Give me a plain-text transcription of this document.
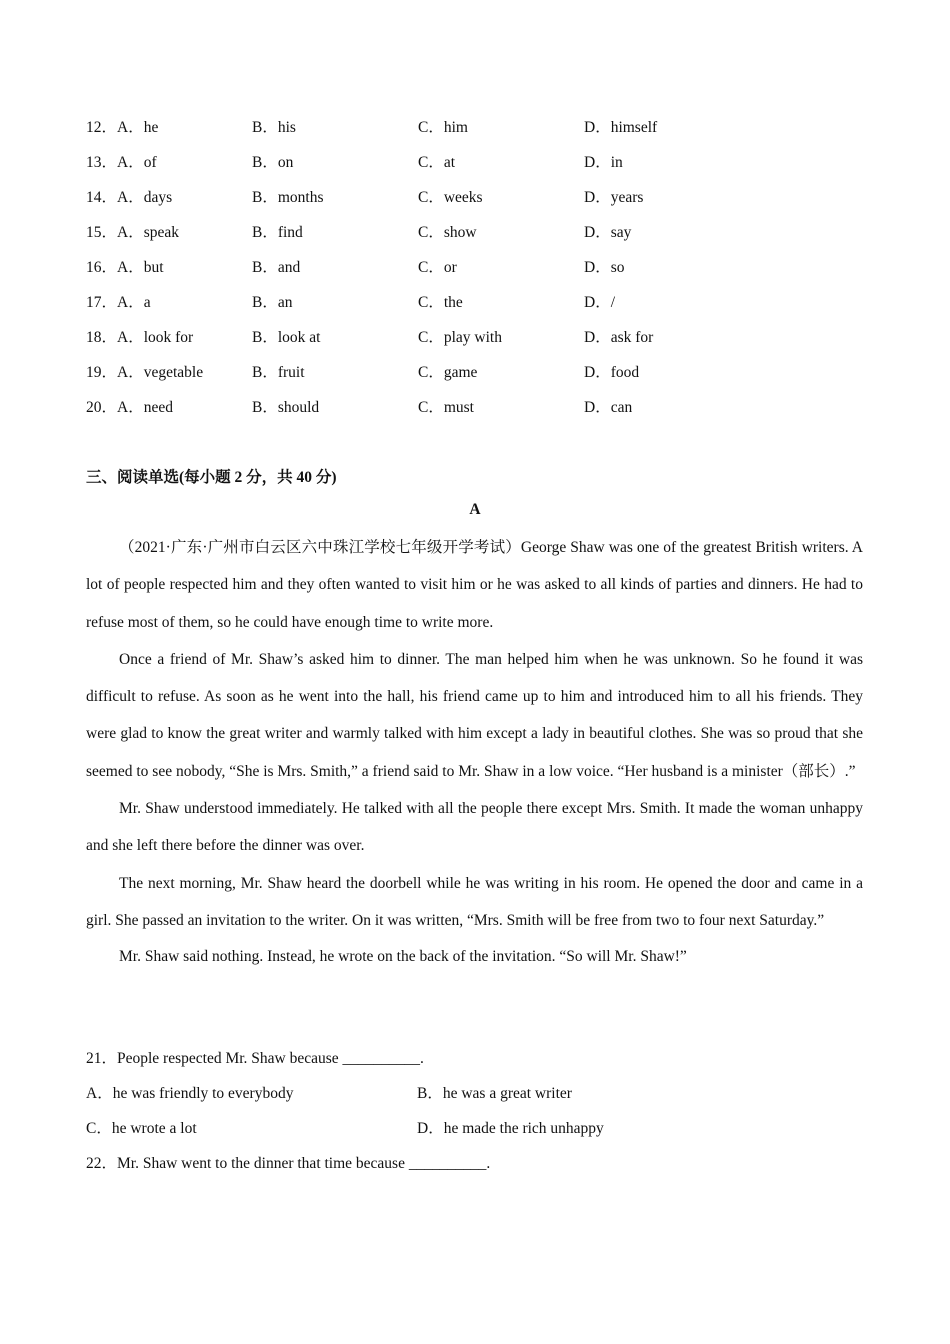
12．A．he	B．his	C．him	D．himself
13．A．of	B．on	C．at	D．in
14．A．days	B．months	C．weeks	D．years
15．A．speak	B．find	C．show	D．say
16．A．but	B．and	C．or	D．so
17．A．a	B．an	C．the	D．/
18．A．look for	B．look at	C．play with	D．ask for
19．A．vegetable	B．fruit	C．game	D．food
20．A．need	B．should	C．must	D．can
三、阅读单选(每小题 2 分，共 40 分)
A

（2021·广东·广州市白云区六中珠江学校七年级开学考试）George Shaw was one of the greatest British writers. A lot of people respected him and they often wanted to visit him or he was asked to all kinds of parties and dinners. He had to refuse most of them, so he could have enough time to write more.

Once a friend of Mr. Shaw’s asked him to dinner. The man helped him when he was unknown. So he found it was difficult to refuse. As soon as he went into the hall, his friend came up to him and introduced him to all his friends. They were glad to know the great writer and warmly talked with him except a lady in beautiful clothes. She was so proud that she seemed to see nobody, “She is Mrs. Smith,” a friend said to Mr. Shaw in a low voice. “Her husband is a minister（部长）.”

Mr. Shaw understood immediately. He talked with all the people there except Mrs. Smith. It made the woman unhappy and she left there before the dinner was over.

The next morning, Mr. Shaw heard the doorbell while he was writing in his room. He opened the door and came in a girl. She passed an invitation to the writer. On it was written, “Mrs. Smith will be free from two to four next Saturday.”

Mr. Shaw said nothing. Instead, he wrote on the back of the invitation. “So will Mr. Shaw!”

21．People respected Mr. Shaw because __________.
A．he was friendly to everybody	B．he was a great writer
C．he wrote a lot	D．he made the rich unhappy
22．Mr. Shaw went to the dinner that time because __________.
